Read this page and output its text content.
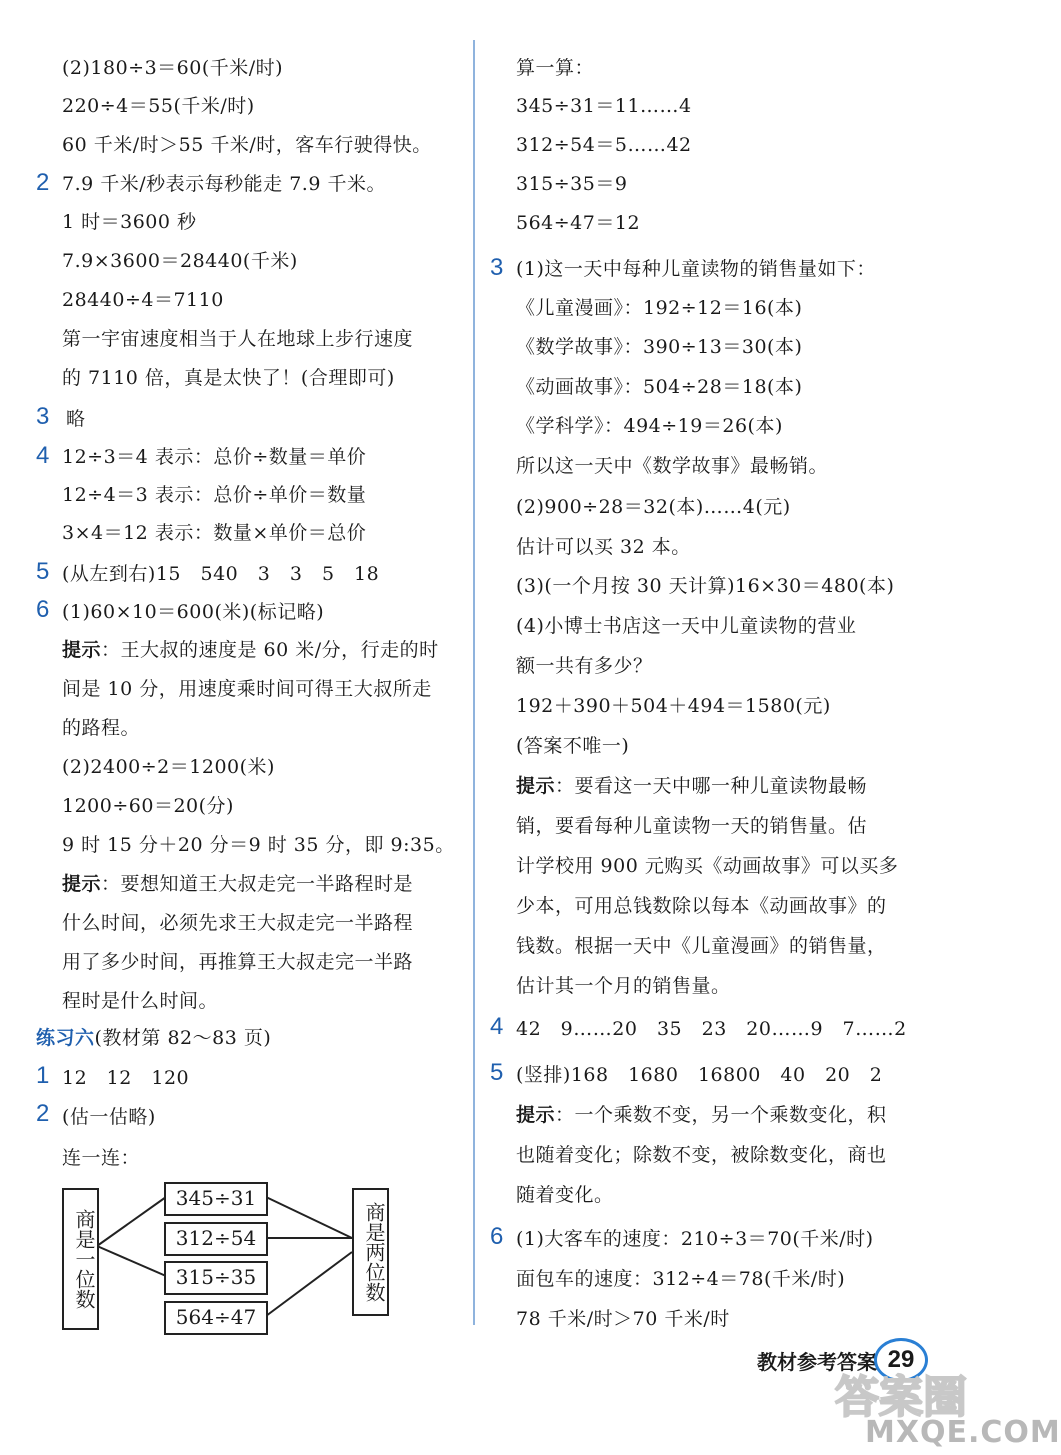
(2)180÷3＝60(千米/时)
220÷4＝55(千米/时)
60 千米/时＞55 千米/时，客车行驶得快。
2 7.9 千米/秒表示每秒能走 7.9 千米。
1 时＝3600 秒
7.9×3600＝28440(千米)
28440÷4＝7110
第一宇宙速度相当于人在地球上步行速度
的 7110 倍，真是太快了！(合理即可)
3 略
4 12÷3＝4 表示：总价÷数量＝单价
12÷4＝3 表示：总价÷单价＝数量
3×4＝12 表示：数量×单价＝总价
5 (从左到右)15　540　3　3　5　18
6 (1)60×10＝600(米)(标记略)
提示：王大叔的速度是 60 米/分，行走的时
间是 10 分，用速度乘时间可得王大叔所走
的路程。
(2)2400÷2＝1200(米)
1200÷60＝20(分)
9 时 15 分＋20 分＝9 时 35 分，即 9:35。
提示：要想知道王大叔走完一半路程时是
什么时间，必须先求王大叔走完一半路程
用了多少时间，再推算王大叔走完一半路
程时是什么时间。
练习六(教材第 82～83 页)
1 12　12　120
2 (估一估略)
连一连：
商是一位数	商是两位数
345÷31
312÷54
315÷35
564÷47
算一算：
345÷31＝11……4
312÷54＝5……42
315÷35＝9
564÷47＝12
3 (1)这一天中每种儿童读物的销售量如下：
《儿童漫画》：192÷12＝16(本)
《数学故事》：390÷13＝30(本)
《动画故事》：504÷28＝18(本)
《学科学》：494÷19＝26(本)
所以这一天中《数学故事》最畅销。
(2)900÷28＝32(本)……4(元)
估计可以买 32 本。
(3)(一个月按 30 天计算)16×30＝480(本)
(4)小博士书店这一天中儿童读物的营业
额一共有多少？
192＋390＋504＋494＝1580(元)
(答案不唯一)
提示：要看这一天中哪一种儿童读物最畅
销，要看每种儿童读物一天的销售量。估
计学校用 900 元购买《动画故事》可以买多
少本，可用总钱数除以每本《动画故事》的
钱数。根据一天中《儿童漫画》的销售量，
估计其一个月的销售量。
4 42　9……20　35　23　20……9　7……2
5 (竖排)168　1680　16800　40　20　2
提示：一个乘数不变，另一个乘数变化，积
也随着变化；除数不变，被除数变化，商也
随着变化。
6 (1)大客车的速度：210÷3＝70(千米/时)
面包车的速度：312÷4＝78(千米/时)
78 千米/时＞70 千米/时
教材参考答案 29
答案圈
MXQE.COM
